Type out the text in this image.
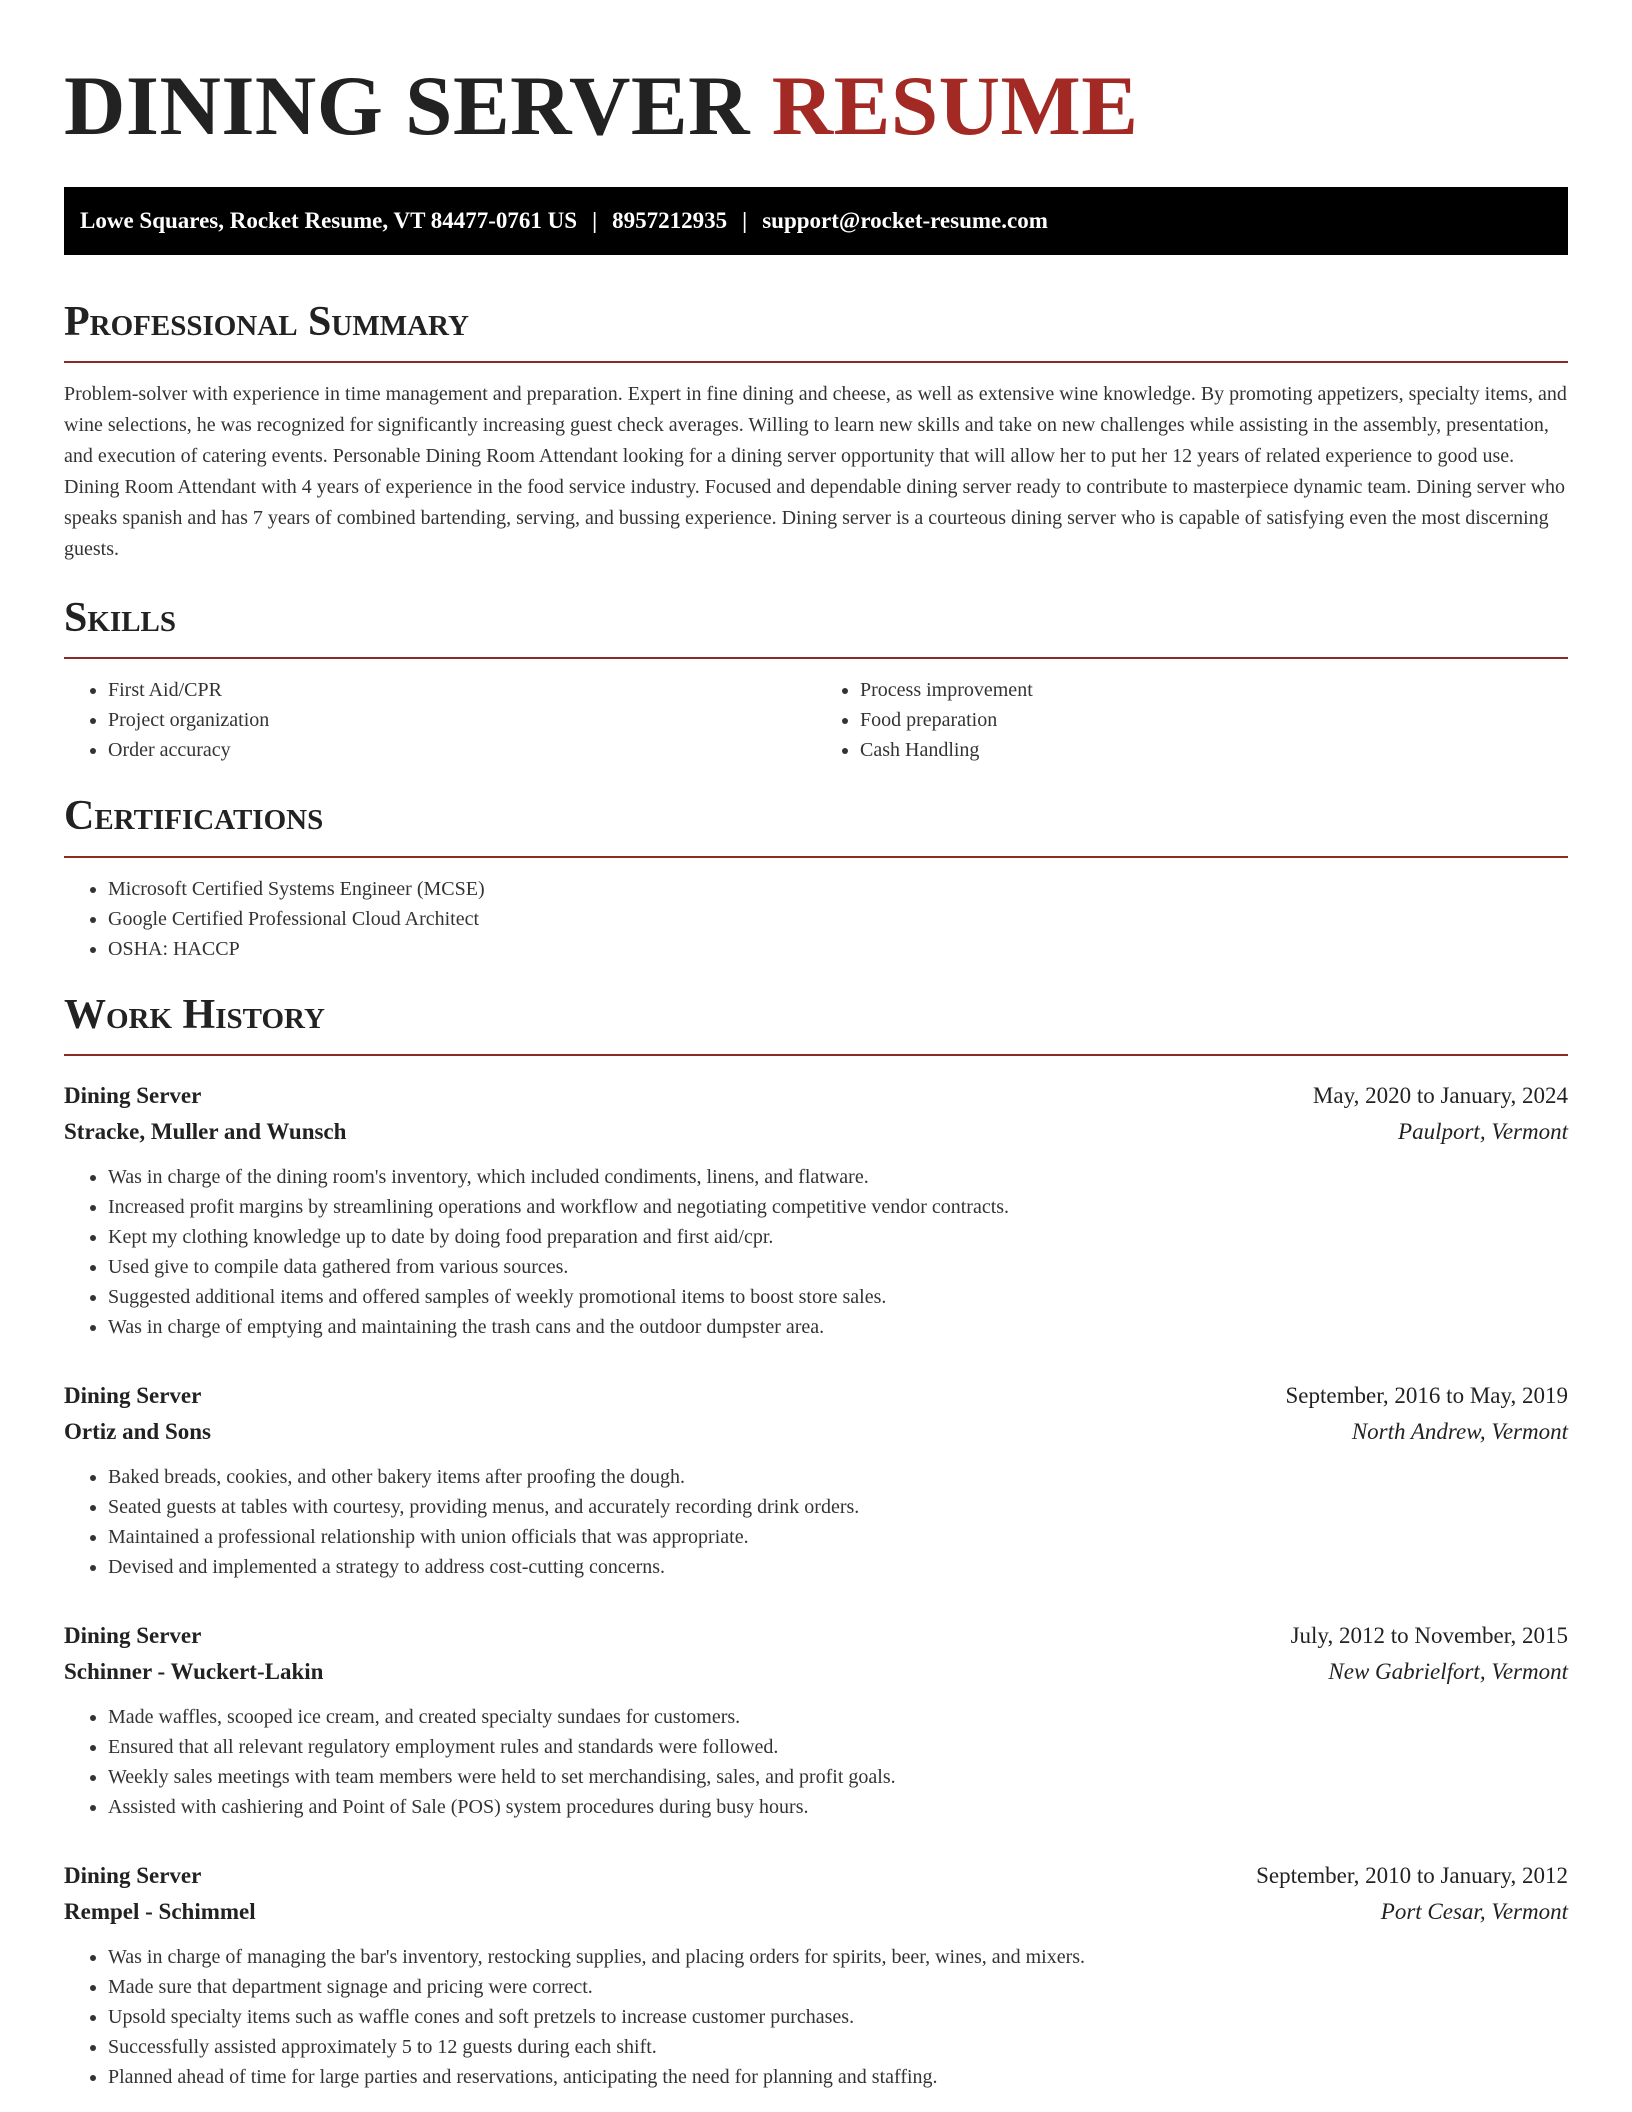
DINING SERVER RESUME
Lowe Squares, Rocket Resume, VT 84477-0761 US | 8957212935 | support@rocket-resume.com
Professional Summary

Problem-solver with experience in time management and preparation. Expert in fine dining and cheese, as well as extensive wine knowledge. By promoting appetizers, specialty items, and wine selections, he was recognized for significantly increasing guest check averages. Willing to learn new skills and take on new challenges while assisting in the assembly, presentation, and execution of catering events. Personable Dining Room Attendant looking for a dining server opportunity that will allow her to put her 12 years of related experience to good use. Dining Room Attendant with 4 years of experience in the food service industry. Focused and dependable dining server ready to contribute to masterpiece dynamic team. Dining server who speaks spanish and has 7 years of combined bartending, serving, and bussing experience. Dining server is a courteous dining server who is capable of satisfying even the most discerning guests.

Skills
• First Aid/CPR
• Project organization
• Order accuracy
• Process improvement
• Food preparation
• Cash Handling
Certifications
• Microsoft Certified Systems Engineer (MCSE)
• Google Certified Professional Cloud Architect
• OSHA: HACCP
Work History
Dining Server	May, 2020 to January, 2024
Stracke, Muller and Wunsch	Paulport, Vermont
• Was in charge of the dining room's inventory, which included condiments, linens, and flatware.
• Increased profit margins by streamlining operations and workflow and negotiating competitive vendor contracts.
• Kept my clothing knowledge up to date by doing food preparation and first aid/cpr.
• Used give to compile data gathered from various sources.
• Suggested additional items and offered samples of weekly promotional items to boost store sales.
• Was in charge of emptying and maintaining the trash cans and the outdoor dumpster area.
Dining Server	September, 2016 to May, 2019
Ortiz and Sons	North Andrew, Vermont
• Baked breads, cookies, and other bakery items after proofing the dough.
• Seated guests at tables with courtesy, providing menus, and accurately recording drink orders.
• Maintained a professional relationship with union officials that was appropriate.
• Devised and implemented a strategy to address cost-cutting concerns.
Dining Server	July, 2012 to November, 2015
Schinner - Wuckert-Lakin	New Gabrielfort, Vermont
• Made waffles, scooped ice cream, and created specialty sundaes for customers.
• Ensured that all relevant regulatory employment rules and standards were followed.
• Weekly sales meetings with team members were held to set merchandising, sales, and profit goals.
• Assisted with cashiering and Point of Sale (POS) system procedures during busy hours.
Dining Server	September, 2010 to January, 2012
Rempel - Schimmel	Port Cesar, Vermont
• Was in charge of managing the bar's inventory, restocking supplies, and placing orders for spirits, beer, wines, and mixers.
• Made sure that department signage and pricing were correct.
• Upsold specialty items such as waffle cones and soft pretzels to increase customer purchases.
• Successfully assisted approximately 5 to 12 guests during each shift.
• Planned ahead of time for large parties and reservations, anticipating the need for planning and staffing.
